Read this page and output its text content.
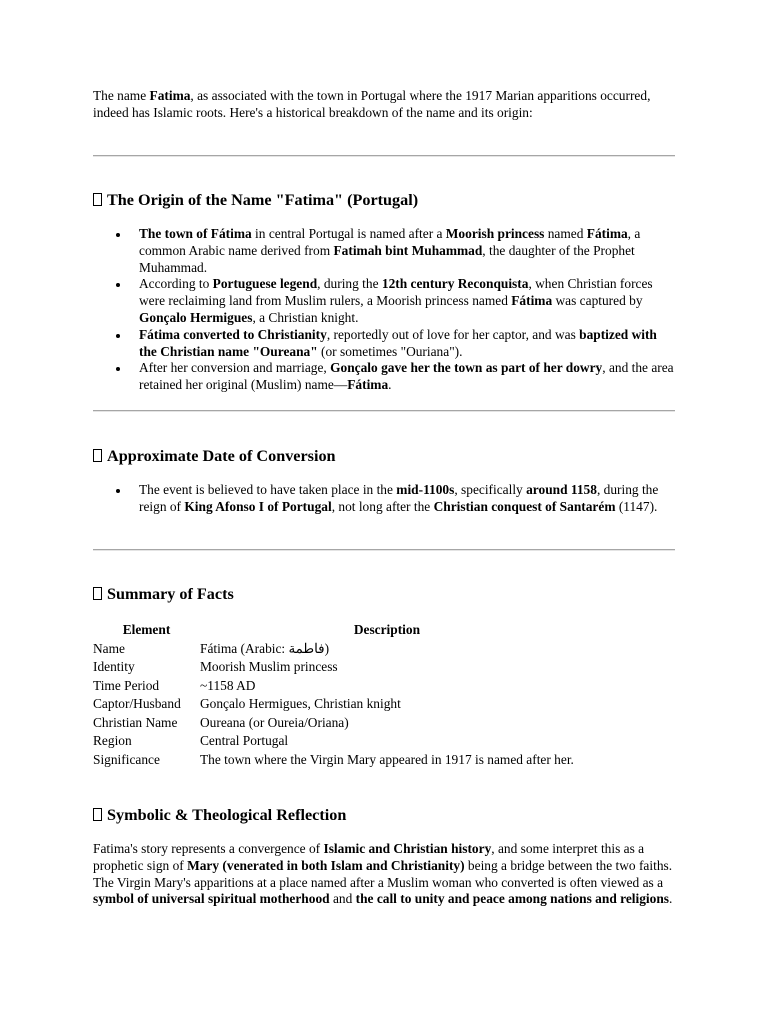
The name Fatima, as associated with the town in Portugal where the 1917 Marian apparitions occurred, indeed has Islamic roots. Here's a historical breakdown of the name and its origin:

The Origin of the Name "Fatima" (Portugal)
The town of Fátima in central Portugal is named after a Moorish princess named Fátima, a common Arabic name derived from Fatimah bint Muhammad, the daughter of the Prophet Muhammad.
According to Portuguese legend, during the 12th century Reconquista, when Christian forces were reclaiming land from Muslim rulers, a Moorish princess named Fátima was captured by Gonçalo Hermigues, a Christian knight.
Fátima converted to Christianity, reportedly out of love for her captor, and was baptized with the Christian name "Oureana" (or sometimes "Ouriana").
After her conversion and marriage, Gonçalo gave her the town as part of her dowry, and the area retained her original (Muslim) name—Fátima.
Approximate Date of Conversion
The event is believed to have taken place in the mid-1100s, specifically around 1158, during the reign of King Afonso I of Portugal, not long after the Christian conquest of Santarém (1147).
Summary of Facts
Element	Description
Name	Fátima (Arabic: فاطمة)
Identity	Moorish Muslim princess
Time Period	~1158 AD
Captor/Husband	Gonçalo Hermigues, Christian knight
Christian Name	Oureana (or Oureia/Oriana)
Region	Central Portugal
Significance	The town where the Virgin Mary appeared in 1917 is named after her.
Symbolic & Theological Reflection

Fatima's story represents a convergence of Islamic and Christian history, and some interpret this as a prophetic sign of Mary (venerated in both Islam and Christianity) being a bridge between the two faiths. The Virgin Mary's apparitions at a place named after a Muslim woman who converted is often viewed as a symbol of universal spiritual motherhood and the call to unity and peace among nations and religions.
